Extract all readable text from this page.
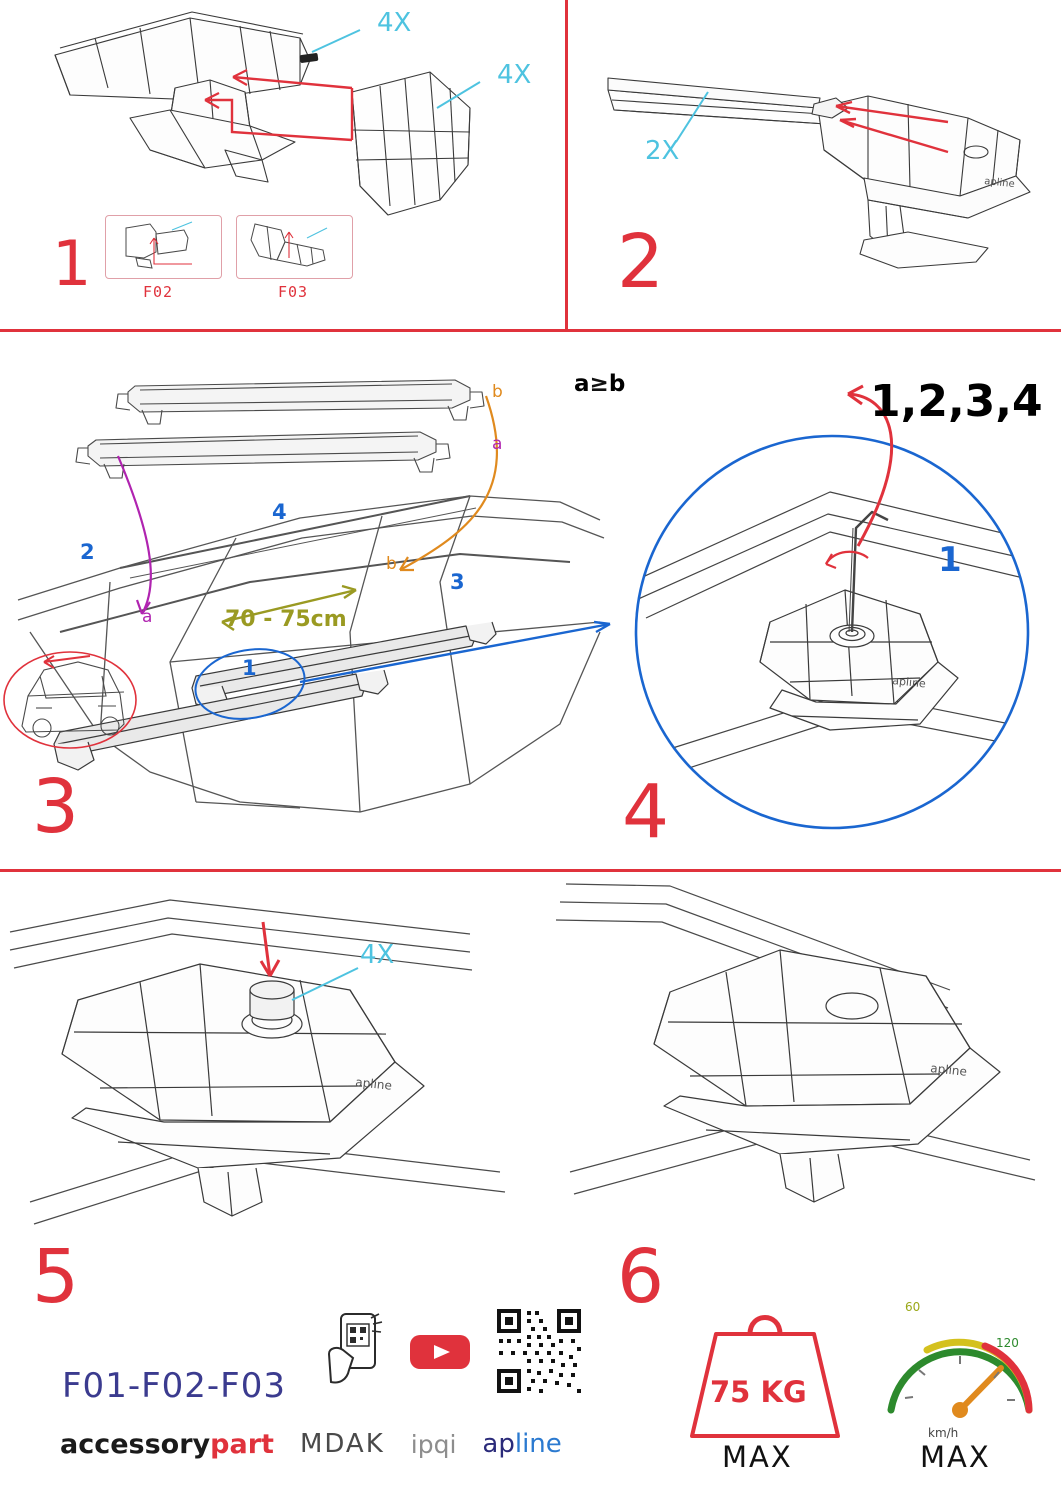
4X
4X
F02	F03
1
apline
2X
2
b
a
a
b
a≥b
70 - 75cm
1
2
3
4
3
apline
1,2,3,4
1
4
apline
4X
apline
5
F01-F02-F03
accessorypart MDAK ipqi apline
6
75 KG
MAX
60
120
km/h
MAX
